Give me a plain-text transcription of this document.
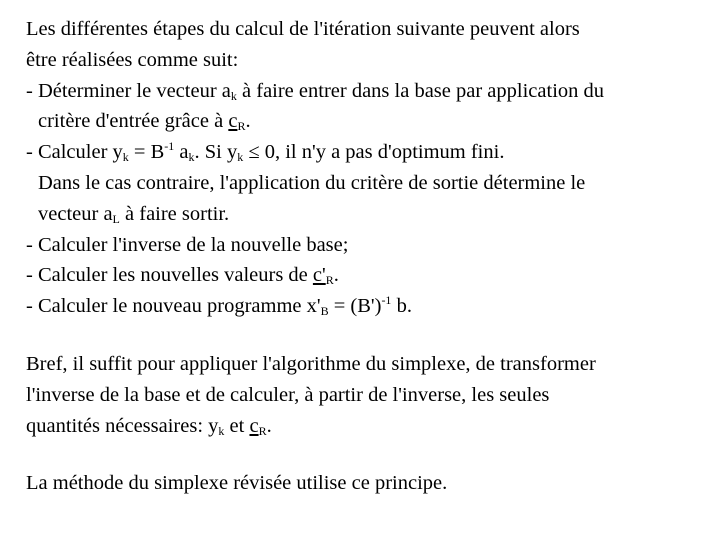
Les différentes étapes du calcul de l'itération suivante peuvent alors
être réalisées comme suit:
- Déterminer le vecteur $a_k$ à faire entrer dans la base par application du
critère d'entrée grâce à $c_R$.
- Calculer $y_k = B^{-1}$ $a_k$. Si $y_k \le 0$, il n'y a pas d'optimum fini.
Dans le cas contraire, l'application du critère de sortie détermine le
vecteur $a_L$ à faire sortir.
- Calculer l'inverse de la nouvelle base;
- Calculer les nouvelles valeurs de $c'_R$.
- Calculer le nouveau programme $x'_B = (B')^{-1}$ b.
Bref, il suffit pour appliquer l'algorithme du simplexe, de transformer
l'inverse de la base et de calculer, à partir de l'inverse, les seules
quantités nécessaires: $y_k$ et $c_R$.
La méthode du simplexe révisée utilise ce principe.
